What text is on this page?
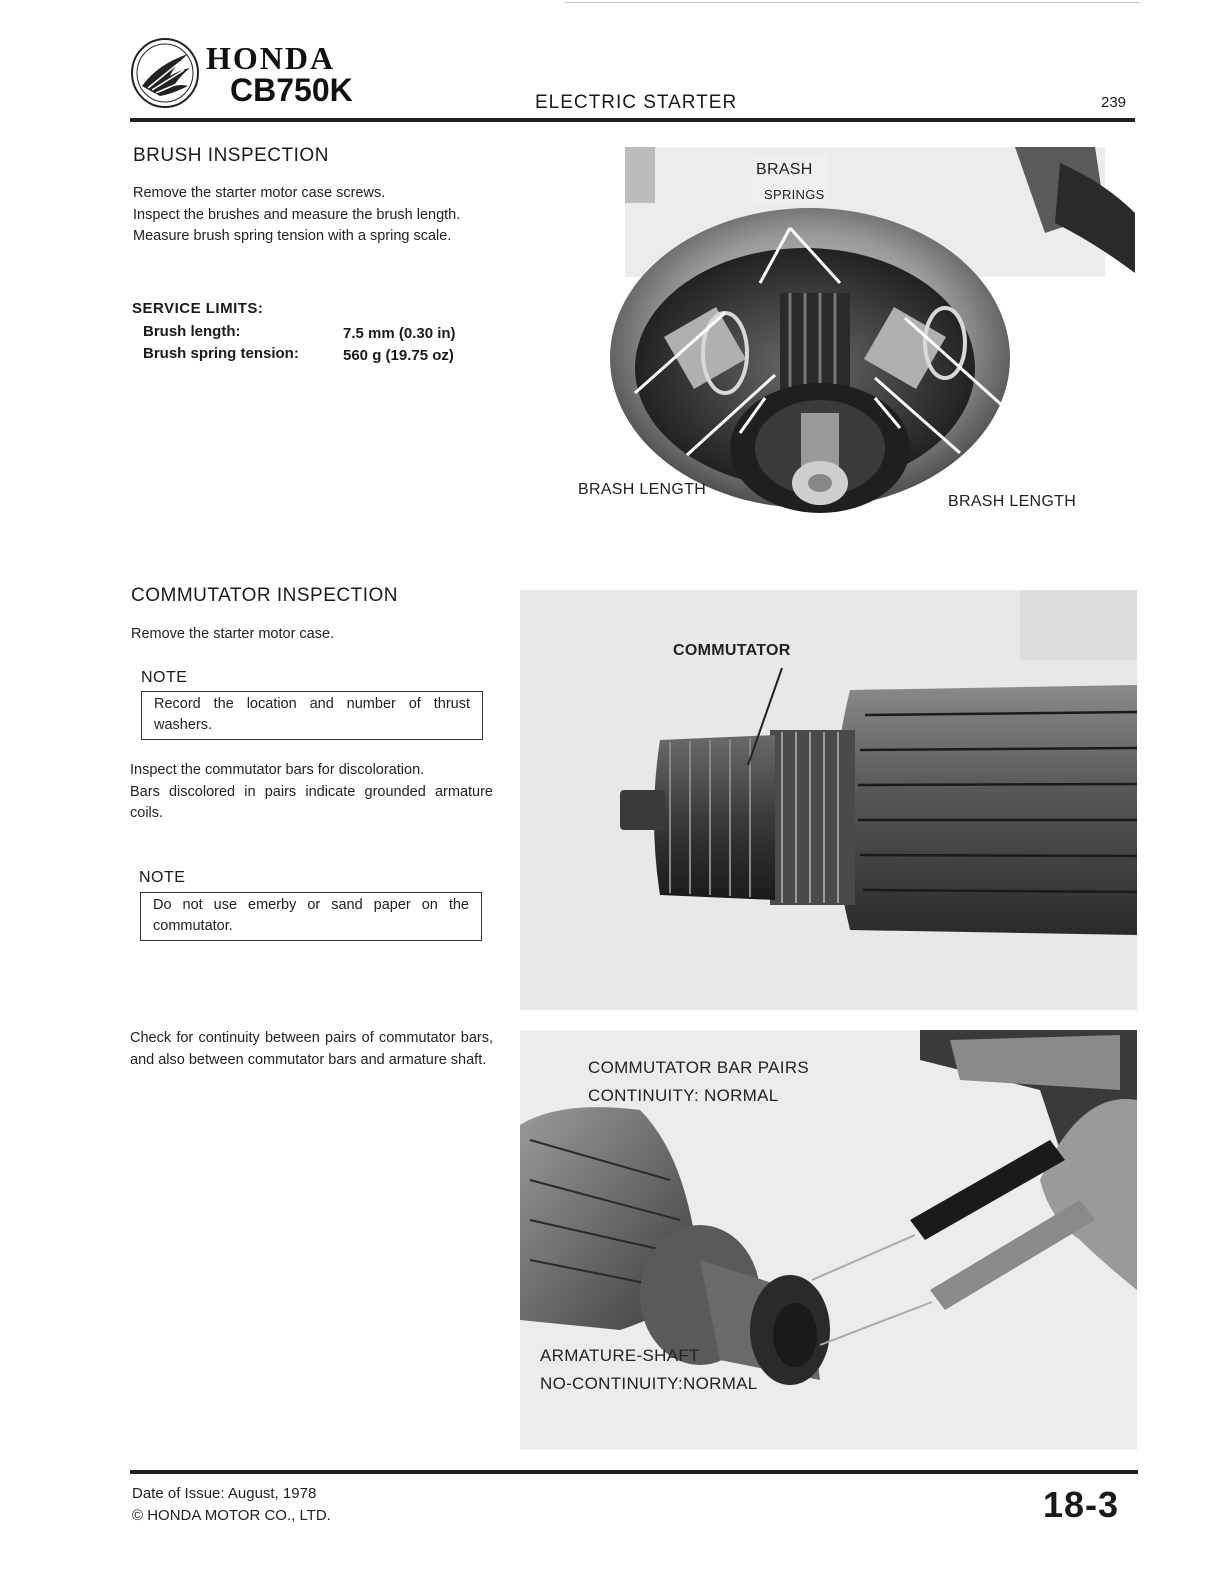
HONDA
CB750K	ELECTRIC STARTER	239
BRUSH INSPECTION

Remove the starter motor case screws.

Inspect the brushes and measure the brush length.

Measure brush spring tension with a spring scale.

SERVICE LIMITS:
Brush length:	7.5 mm (0.30 in)
Brush spring tension:	560 g (19.75 oz)
BRASH
SPRINGS
BRASH LENGTH
BRASH LENGTH
COMMUTATOR INSPECTION
Remove the starter motor case.
NOTE
Record the location and number of thrust washers.

Inspect the commutator bars for discoloration.

Bars discolored in pairs indicate grounded armature coils.

NOTE
Do not use emerby or sand paper on the commutator.
COMMUTATOR
Check for continuity between pairs of commutator bars, and also between commutator bars and armature shaft.	COMMUTATOR BAR PAIRS
CONTINUITY: NORMAL
ARMATURE-SHAFT
NO-CONTINUITY:NORMAL
Date of Issue: August, 1978
© HONDA MOTOR CO., LTD.	18-3
